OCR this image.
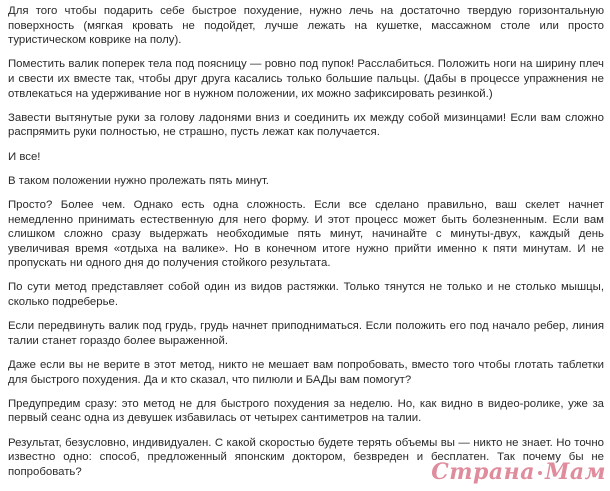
Для того чтобы подарить себе быстрое похудение, нужно лечь на достаточно твердую горизонтальную поверхность (мягкая кровать не подойдет, лучше лежать на кушетке, массажном столе или просто туристическом коврике на полу).

Поместить валик поперек тела под поясницу — ровно под пупок! Расслабиться. Положить ноги на ширину плеч и свести их вместе так, чтобы друг друга касались только большие пальцы. (Дабы в процессе упражнения не отвлекаться на удерживание ног в нужном положении, их можно зафиксировать резинкой.)

Завести вытянутые руки за голову ладонями вниз и соединить их между собой мизинцами! Если вам сложно распрямить руки полностью, не страшно, пусть лежат как получается.

И все!

В таком положении нужно пролежать пять минут.

Просто? Более чем. Однако есть одна сложность. Если все сделано правильно, ваш скелет начнет немедленно принимать естественную для него форму. И этот процесс может быть болезненным. Если вам слишком сложно сразу выдержать необходимые пять минут, начинайте с минуты-двух, каждый день увеличивая время «отдыха на валике». Но в конечном итоге нужно прийти именно к пяти минутам. И не пропускать ни одного дня до получения стойкого результата.

По сути метод представляет собой один из видов растяжки. Только тянутся не только и не столько мышцы, сколько подреберье.

Если передвинуть валик под грудь, грудь начнет приподниматься. Если положить его под начало ребер, линия талии станет гораздо более выраженной.

Даже если вы не верите в этот метод, никто не мешает вам попробовать, вместо того чтобы глотать таблетки для быстрого похудения. Да и кто сказал, что пилюли и БАДы вам помогут?

Предупредим сразу: это метод не для быстрого похудения за неделю. Но, как видно в видео-ролике, уже за первый сеанс одна из девушек избавилась от четырех сантиметров на талии.

Результат, безусловно, индивидуален. С какой скоростью будете терять объемы вы — никто не знает. Но точно известно одно: способ, предложенный японским доктором, безвреден и бесплатен. Так почему бы не попробовать?	Страна Мам
